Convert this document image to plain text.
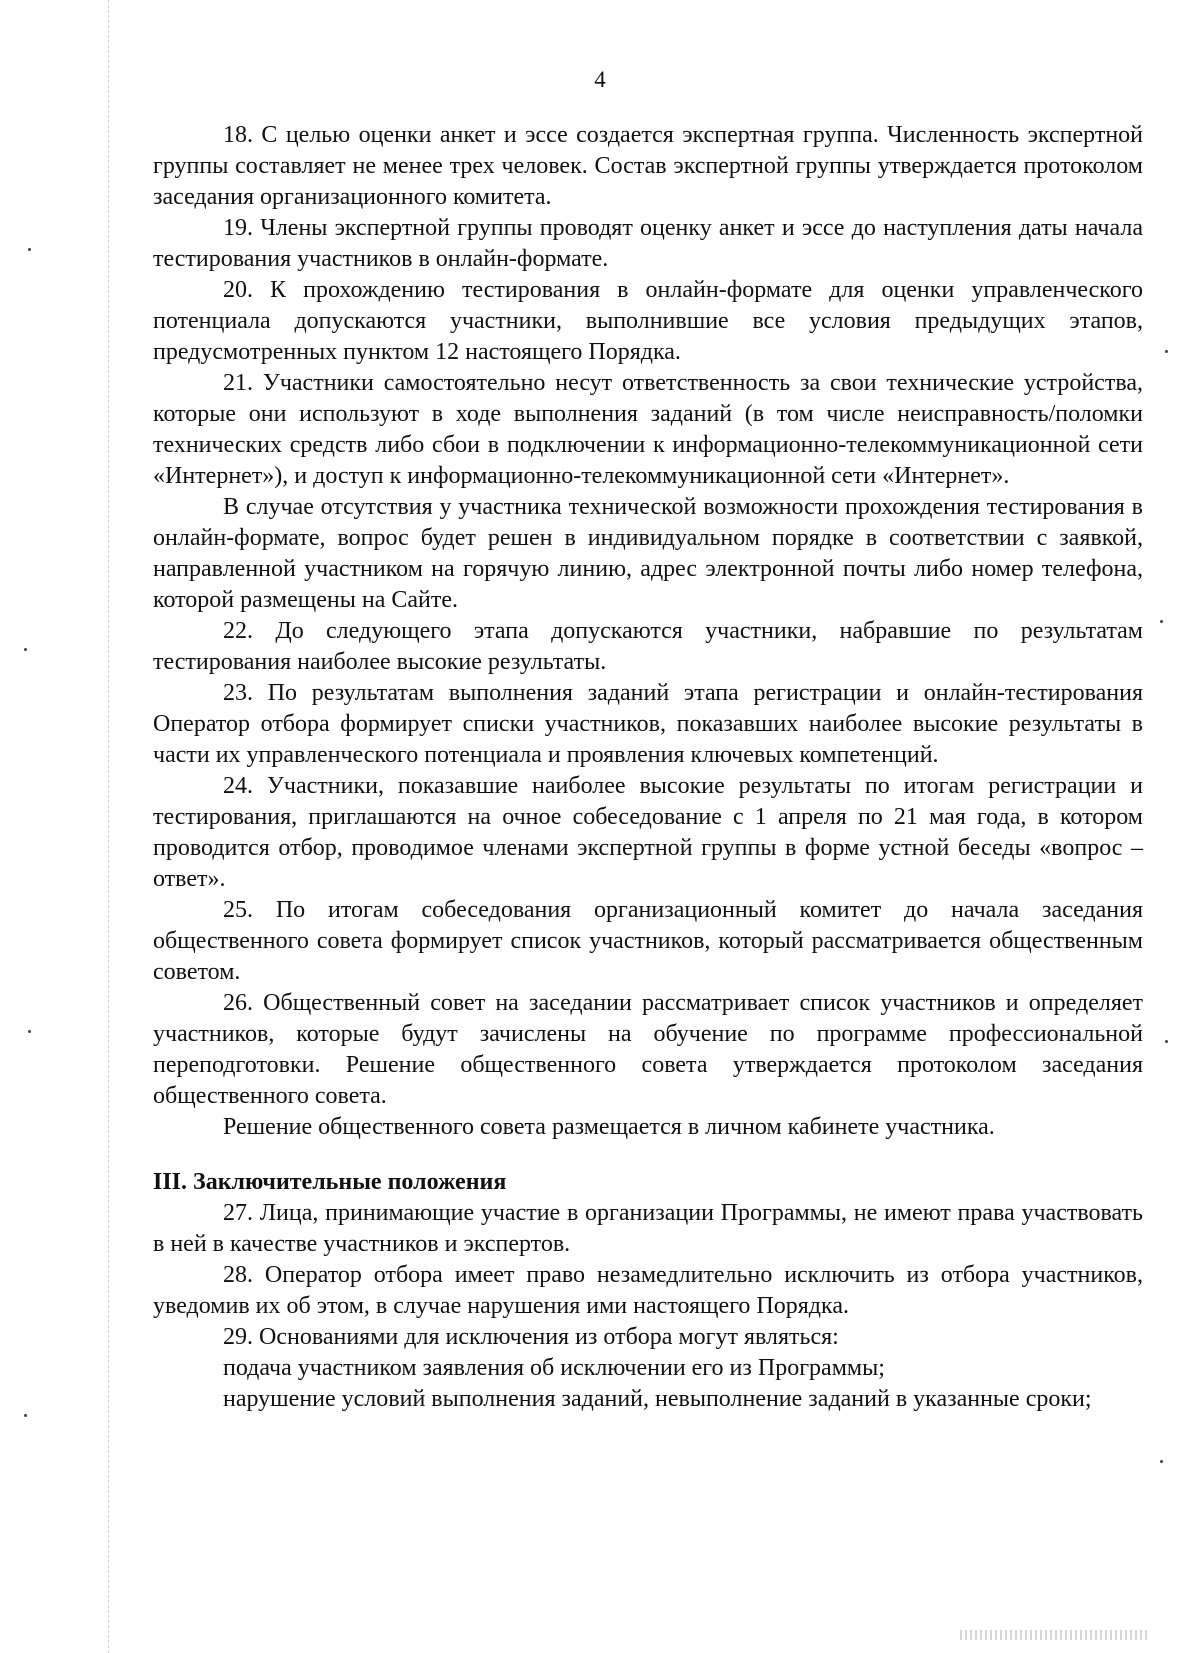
4

18. С целью оценки анкет и эссе создается экспертная группа. Численность экспертной группы составляет не менее трех человек. Состав экспертной группы утверждается протоколом заседания организационного комитета.

19. Члены экспертной группы проводят оценку анкет и эссе до наступления даты начала тестирования участников в онлайн-формате.

20. К прохождению тестирования в онлайн-формате для оценки управленческого потенциала допускаются участники, выполнившие все условия предыдущих этапов, предусмотренных пунктом 12 настоящего Порядка.

21. Участники самостоятельно несут ответственность за свои технические устройства, которые они используют в ходе выполнения заданий (в том числе неисправность/поломки технических средств либо сбои в подключении к информационно-телекоммуникационной сети «Интернет»), и доступ к информационно-телекоммуникационной сети «Интернет».

В случае отсутствия у участника технической возможности прохождения тестирования в онлайн-формате, вопрос будет решен в индивидуальном порядке в соответствии с заявкой, направленной участником на горячую линию, адрес электронной почты либо номер телефона, которой размещены на Сайте.

22. До следующего этапа допускаются участники, набравшие по результатам тестирования наиболее высокие результаты.

23. По результатам выполнения заданий этапа регистрации и онлайн-тестирования Оператор отбора формирует списки участников, показавших наиболее высокие результаты в части их управленческого потенциала и проявления ключевых компетенций.

24. Участники, показавшие наиболее высокие результаты по итогам регистрации и тестирования, приглашаются на очное собеседование с 1 апреля по 21 мая года, в котором проводится отбор, проводимое членами экспертной группы в форме устной беседы «вопрос – ответ».

25. По итогам собеседования организационный комитет до начала заседания общественного совета формирует список участников, который рассматривается общественным советом.

26. Общественный совет на заседании рассматривает список участников и определяет участников, которые будут зачислены на обучение по программе профессиональной переподготовки. Решение общественного совета утверждается протоколом заседания общественного совета.

Решение общественного совета размещается в личном кабинете участника.

III. Заключительные положения

27. Лица, принимающие участие в организации Программы, не имеют права участвовать в ней в качестве участников и экспертов.

28. Оператор отбора имеет право незамедлительно исключить из отбора участников, уведомив их об этом, в случае нарушения ими настоящего Порядка.

29. Основаниями для исключения из отбора могут являться:

подача участником заявления об исключении его из Программы;

нарушение условий выполнения заданий, невыполнение заданий в указанные сроки;
